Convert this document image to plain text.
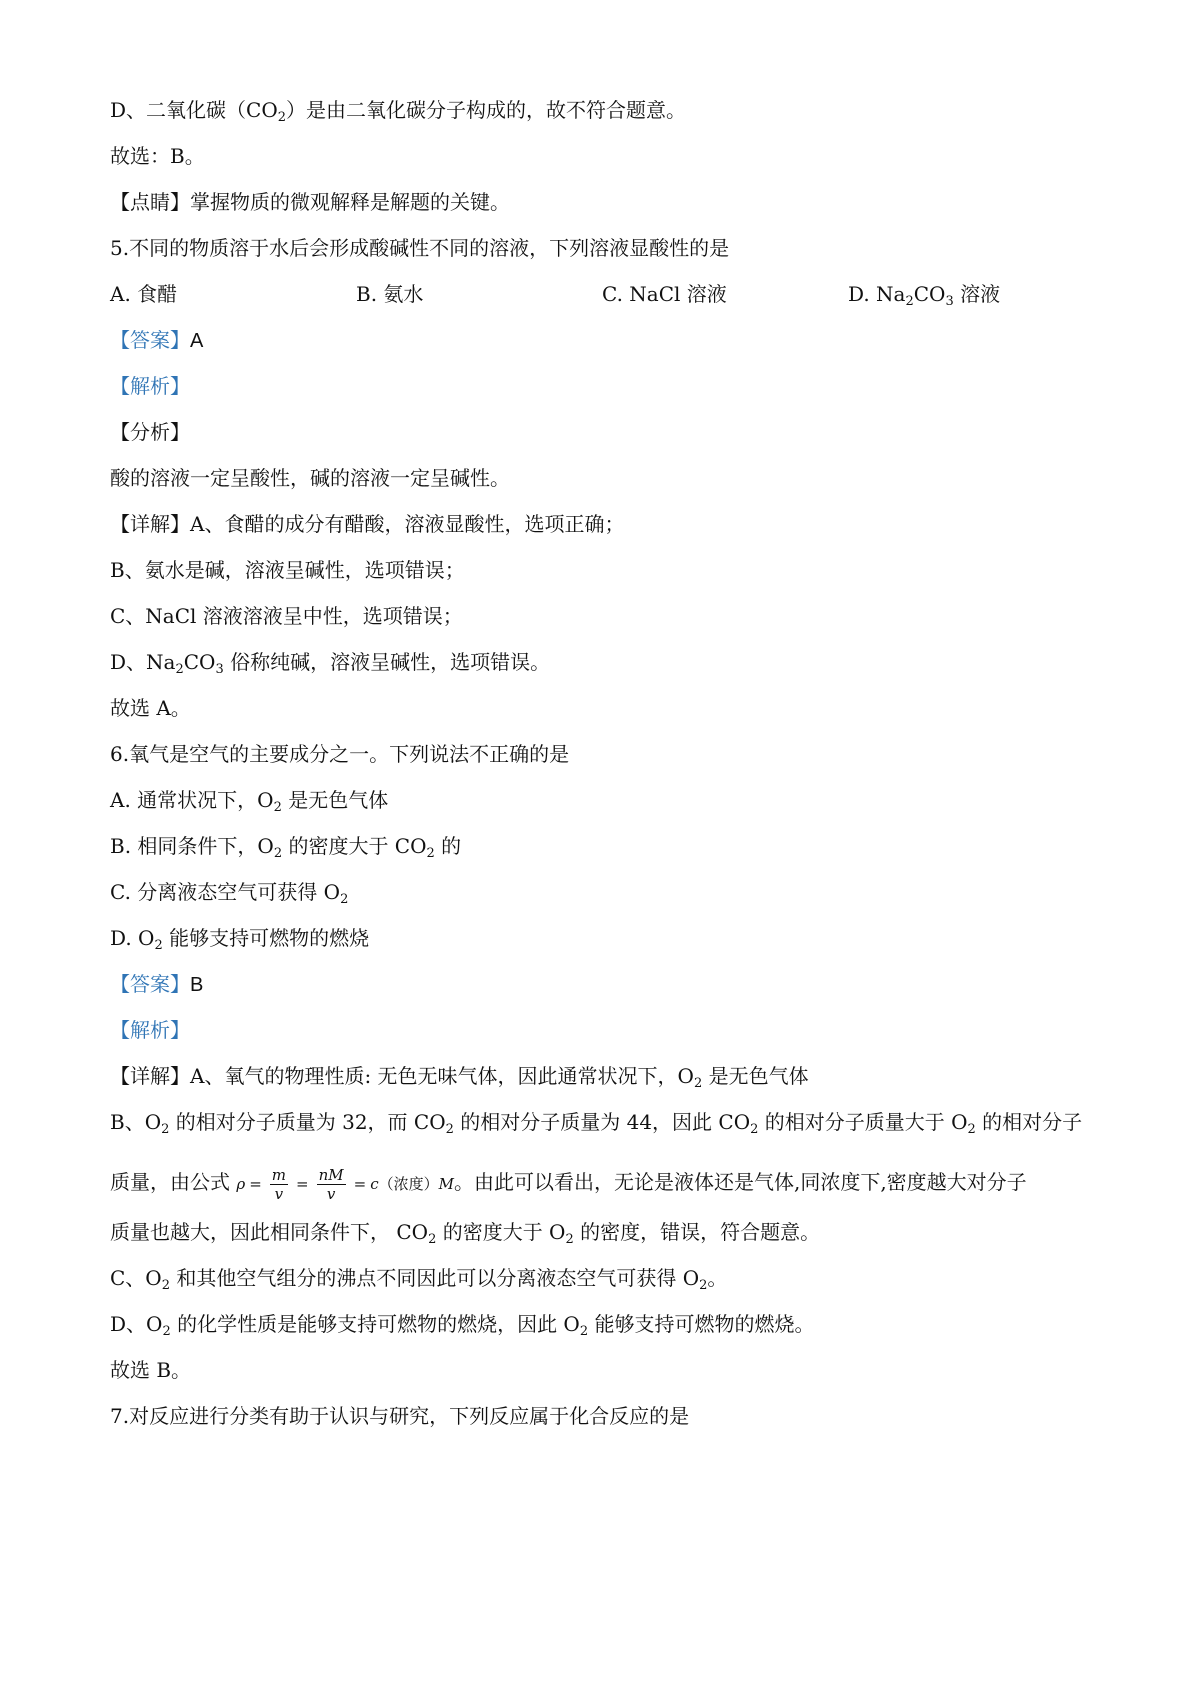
D、二氧化碳$(CO_2)$是由二氧化碳分子构成的，故不符合题意。
故选：B。
【点睛】掌握物质的微观解释是解题的关键。
5.不同的物质溶于水后会形成酸碱性不同的溶液，下列溶液显酸性的是
A. 食醋	B. 氨水	C. NaCl 溶液	D. $Na_2CO_3$ 溶液
【答案】A
【解析】
【分析】
酸的溶液一定呈酸性，碱的溶液一定呈碱性。
【详解】A、食醋的成分有醋酸，溶液显酸性，选项正确；
B、氨水是碱，溶液呈碱性，选项错误；
C、NaCl 溶液溶液呈中性，选项错误；
D、$Na_2CO_3$ 俗称纯碱，溶液呈碱性，选项错误。
故选 A。
6.氧气是空气的主要成分之一。下列说法不正确的是
A. 通常状况下，$O_2$ 是无色气体
B. 相同条件下，$O_2$ 的密度大于 $CO_2$ 的
C. 分离液态空气可获得 $O_2$
D. $O_2$ 能够支持可燃物的燃烧
【答案】B
【解析】
【详解】A、氧气的物理性质: 无色无味气体，因此通常状况下，$O_2$ 是无色气体
B、$O_2$ 的相对分子质量为 32，而 $CO_2$ 的相对分子质量为 44，因此 $CO_2$ 的相对分子质量大于 $O_2$ 的相对分子
质量，由公式 $\rho = \frac{m}{v} = \frac{nM}{v} = c$（浓度）M。由此可以看出，无论是液体还是气体,同浓度下,密度越大对分子
质量也越大，因此相同条件下， $CO_2$ 的密度大于 $O_2$ 的密度，错误，符合题意。
C、$O_2$ 和其他空气组分的沸点不同因此可以分离液态空气可获得 $O_2$。
D、$O_2$ 的化学性质是能够支持可燃物的燃烧，因此 $O_2$ 能够支持可燃物的燃烧。
故选 B。
7.对反应进行分类有助于认识与研究，下列反应属于化合反应的是
